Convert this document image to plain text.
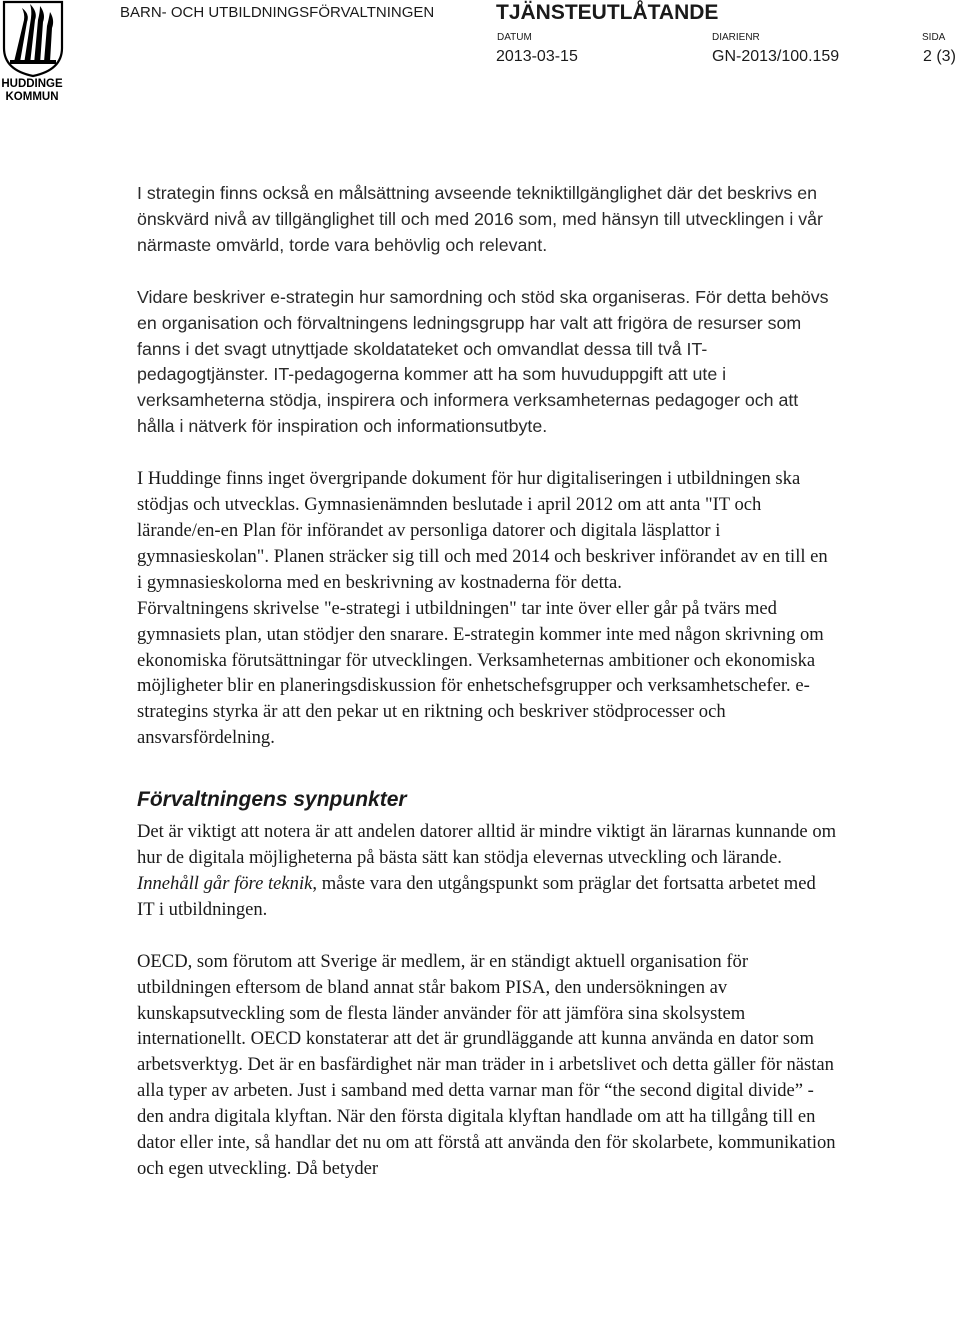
HUDDINGE
KOMMUN
BARN- OCH UTBILDNINGSFÖRVALTNINGEN	TJÄNSTEUTLÅTANDE
DATUM
2013-03-15
DIARIENR
GN-2013/100.159
SIDA
2 (3)

I strategin finns också en målsättning avseende tekniktillgänglighet där det beskrivs en önskvärd nivå av tillgänglighet till och med 2016 som, med hänsyn till utvecklingen i vår närmaste omvärld, torde vara behövlig och relevant.

Vidare beskriver e-strategin hur samordning och stöd ska organiseras. För detta behövs en organisation och förvaltningens ledningsgrupp har valt att frigöra de resurser som fanns i det svagt utnyttjade skoldatateket och omvandlat dessa till två IT-pedagogtjänster. IT-pedagogerna kommer att ha som huvuduppgift att ute i verksamheterna stödja, inspirera och informera verksamheternas pedagoger och att hålla i nätverk för inspiration och informationsutbyte.

I Huddinge finns inget övergripande dokument för hur digitaliseringen i utbildningen ska stödjas och utvecklas. Gymnasienämnden beslutade i april 2012 om att anta "IT och lärande/en-en Plan för införandet av personliga datorer och digitala läsplattor i gymnasieskolan". Planen sträcker sig till och med 2014 och beskriver införandet av en till en i gymnasieskolorna med en beskrivning av kostnaderna för detta.

Förvaltningens skrivelse "e-strategi i utbildningen" tar inte över eller går på tvärs med gymnasiets plan, utan stödjer den snarare. E-strategin kommer inte med någon skrivning om ekonomiska förutsättningar för utvecklingen. Verksamheternas ambitioner och ekonomiska möjligheter blir en planeringsdiskussion för enhetschefsgrupper och verksamhetschefer. e-strategins styrka är att den pekar ut en riktning och beskriver stödprocesser och ansvarsfördelning.

Förvaltningens synpunkter

Det är viktigt att notera är att andelen datorer alltid är mindre viktigt än lärarnas kunnande om hur de digitala möjligheterna på bästa sätt kan stödja elevernas utveckling och lärande. Innehåll går före teknik, måste vara den utgångspunkt som präglar det fortsatta arbetet med IT i utbildningen.

OECD, som förutom att Sverige är medlem, är en ständigt aktuell organisation för utbildningen eftersom de bland annat står bakom PISA, den undersökningen av kunskapsutveckling som de flesta länder använder för att jämföra sina skolsystem internationellt. OECD konstaterar att det är grundläggande att kunna använda en dator som arbetsverktyg. Det är en basfärdighet när man träder in i arbetslivet och detta gäller för nästan alla typer av arbeten. Just i samband med detta varnar man för “the second digital divide” - den andra digitala klyftan. När den första digitala klyftan handlade om att ha tillgång till en dator eller inte, så handlar det nu om att förstå att använda den för skolarbete, kommunikation och egen utveckling. Då betyder
